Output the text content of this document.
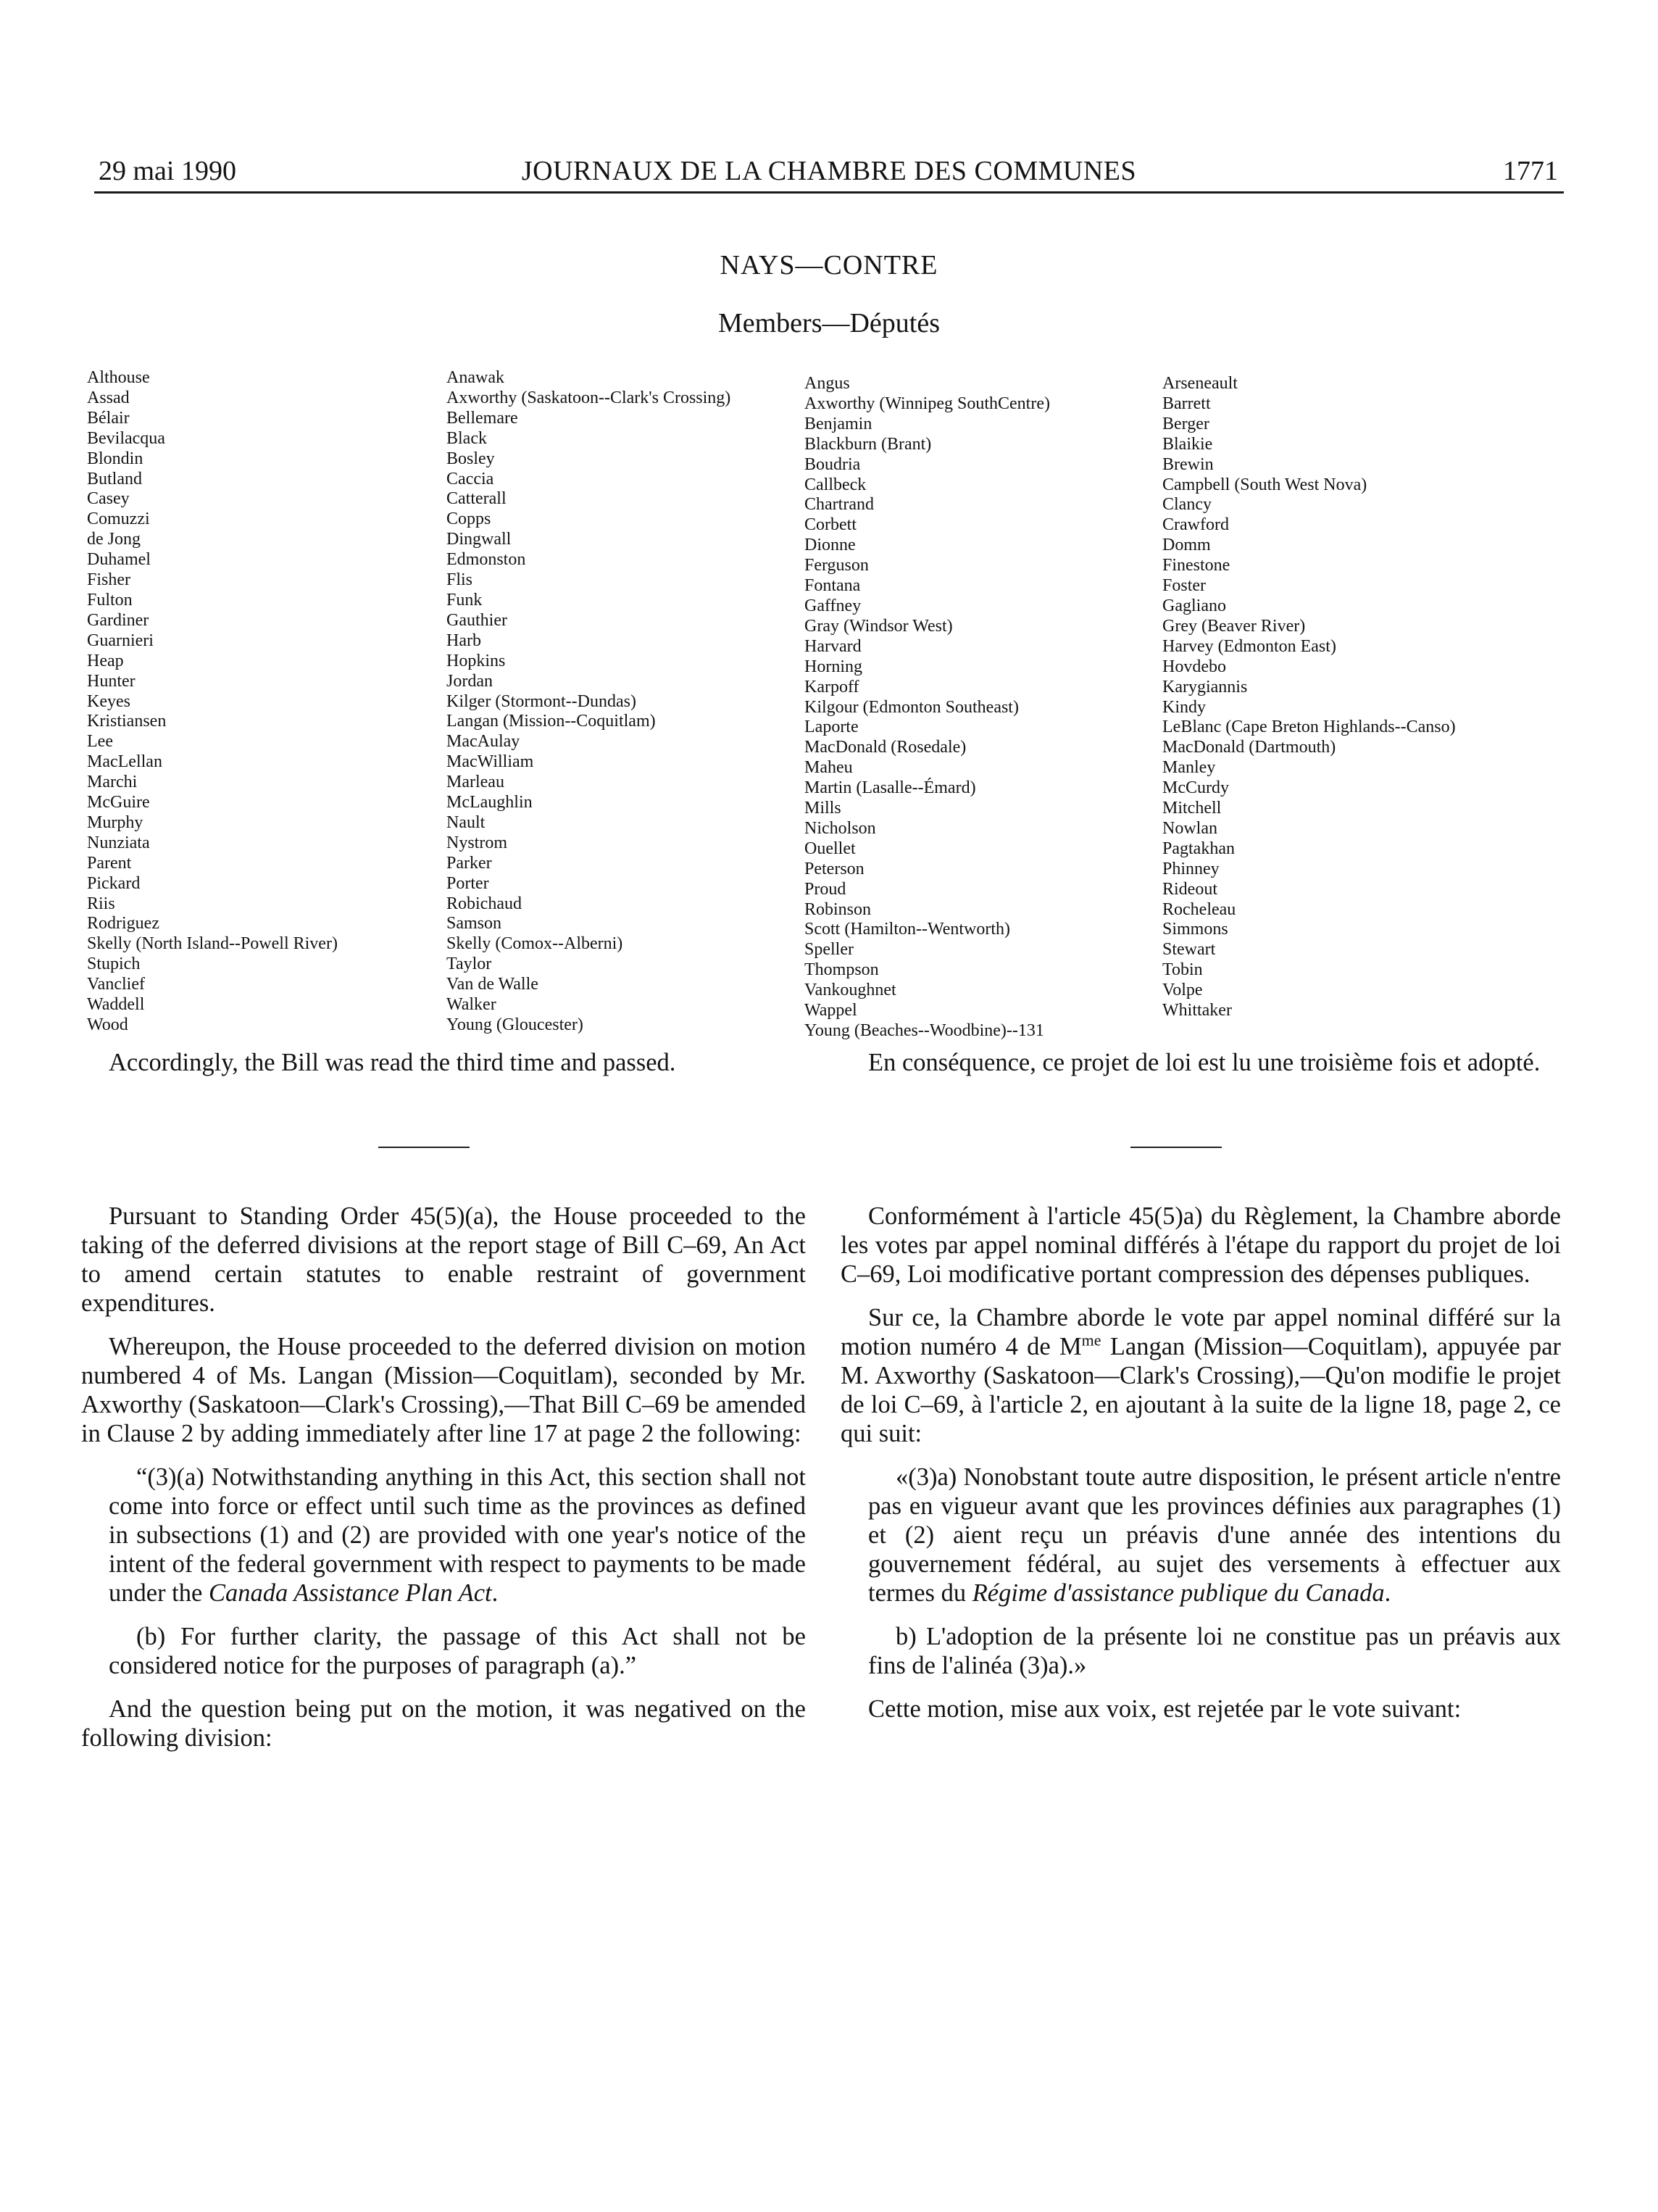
29 mai 1990	JOURNAUX DE LA CHAMBRE DES COMMUNES	1771
NAYS—CONTRE
Members—Députés
Althouse
Assad
Bélair
Bevilacqua
Blondin
Butland
Casey
Comuzzi
de Jong
Duhamel
Fisher
Fulton
Gardiner
Guarnieri
Heap
Hunter
Keyes
Kristiansen
Lee
MacLellan
Marchi
McGuire
Murphy
Nunziata
Parent
Pickard
Riis
Rodriguez
Skelly (North Island--Powell River)
Stupich
Vanclief
Waddell
Wood
Anawak
Axworthy (Saskatoon--Clark's Crossing)
Bellemare
Black
Bosley
Caccia
Catterall
Copps
Dingwall
Edmonston
Flis
Funk
Gauthier
Harb
Hopkins
Jordan
Kilger (Stormont--Dundas)
Langan (Mission--Coquitlam)
MacAulay
MacWilliam
Marleau
McLaughlin
Nault
Nystrom
Parker
Porter
Robichaud
Samson
Skelly (Comox--Alberni)
Taylor
Van de Walle
Walker
Young (Gloucester)
Angus
Axworthy (Winnipeg SouthCentre)
Benjamin
Blackburn (Brant)
Boudria
Callbeck
Chartrand
Corbett
Dionne
Ferguson
Fontana
Gaffney
Gray (Windsor West)
Harvard
Horning
Karpoff
Kilgour (Edmonton Southeast)
Laporte
MacDonald (Rosedale)
Maheu
Martin (Lasalle--Émard)
Mills
Nicholson
Ouellet
Peterson
Proud
Robinson
Scott (Hamilton--Wentworth)
Speller
Thompson
Vankoughnet
Wappel
Young (Beaches--Woodbine)--131
Arseneault
Barrett
Berger
Blaikie
Brewin
Campbell (South West Nova)
Clancy
Crawford
Domm
Finestone
Foster
Gagliano
Grey (Beaver River)
Harvey (Edmonton East)
Hovdebo
Karygiannis
Kindy
LeBlanc (Cape Breton Highlands--Canso)
MacDonald (Dartmouth)
Manley
McCurdy
Mitchell
Nowlan
Pagtakhan
Phinney
Rideout
Rocheleau
Simmons
Stewart
Tobin
Volpe
Whittaker

Accordingly, the Bill was read the third time and passed.	En conséquence, ce projet de loi est lu une troisième fois et adopté.

Pursuant to Standing Order 45(5)(a), the House proceeded to the taking of the deferred divisions at the report stage of Bill C–69, An Act to amend certain statutes to enable restraint of government expenditures.

Whereupon, the House proceeded to the deferred division on motion numbered 4 of Ms. Langan (Mission—Coquitlam), seconded by Mr. Axworthy (Saskatoon—Clark's Crossing),—That Bill C–69 be amended in Clause 2 by adding immediately after line 17 at page 2 the following:

“(3)(a) Notwithstanding anything in this Act, this section shall not come into force or effect until such time as the provinces as defined in subsections (1) and (2) are provided with one year's notice of the intent of the federal government with respect to payments to be made under the Canada Assistance Plan Act.

(b) For further clarity, the passage of this Act shall not be considered notice for the purposes of paragraph (a).”

And the question being put on the motion, it was negatived on the following division:

Conformément à l'article 45(5)a) du Règlement, la Chambre aborde les votes par appel nominal différés à l'étape du rapport du projet de loi C–69, Loi modificative portant compression des dépenses publiques.

Sur ce, la Chambre aborde le vote par appel nominal différé sur la motion numéro 4 de $M^{me}$ Langan (Mission—Coquitlam), appuyée par M. Axworthy (Saskatoon—Clark's Crossing),—Qu'on modifie le projet de loi C–69, à l'article 2, en ajoutant à la suite de la ligne 18, page 2, ce qui suit:

«(3)a) Nonobstant toute autre disposition, le présent article n'entre pas en vigueur avant que les provinces définies aux paragraphes (1) et (2) aient reçu un préavis d'une année des intentions du gouvernement fédéral, au sujet des versements à effectuer aux termes du Régime d'assistance publique du Canada.

b) L'adoption de la présente loi ne constitue pas un préavis aux fins de l'alinéa (3)a).»

Cette motion, mise aux voix, est rejetée par le vote suivant:
